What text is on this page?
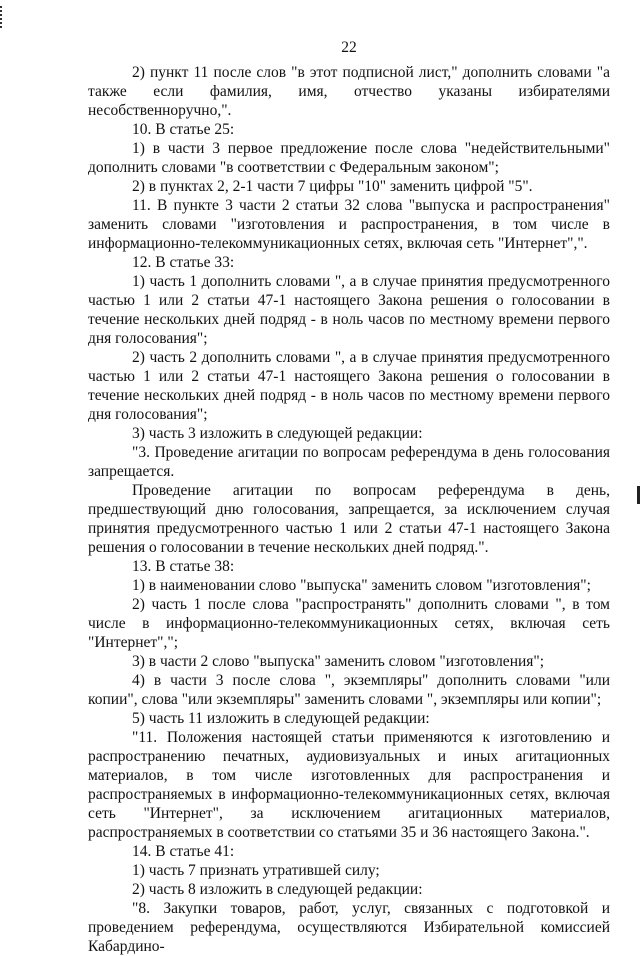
22

2) пункт 11 после слов "в этот подписной лист," дополнить словами "а также если фамилия, имя, отчество указаны избирателями несобственноручно,".

10. В статье 25:

1) в части 3 первое предложение после слова "недействительными" дополнить словами "в соответствии с Федеральным законом";

2) в пунктах 2, 2-1 части 7 цифры "10" заменить цифрой "5".

11. В пункте 3 части 2 статьи 32 слова "выпуска и распространения" заменить словами "изготовления и распространения, в том числе в информационно-телекоммуникационных сетях, включая сеть "Интернет",".

12. В статье 33:

1) часть 1 дополнить словами ", а в случае принятия предусмотренного частью 1 или 2 статьи 47-1 настоящего Закона решения о голосовании в течение нескольких дней подряд - в ноль часов по местному времени первого дня голосования";

2) часть 2 дополнить словами ", а в случае принятия предусмотренного частью 1 или 2 статьи 47-1 настоящего Закона решения о голосовании в течение нескольких дней подряд - в ноль часов по местному времени первого дня голосования";

3) часть 3 изложить в следующей редакции:

"3. Проведение агитации по вопросам референдума в день голосования запрещается.

Проведение агитации по вопросам референдума в день, предшествующий дню голосования, запрещается, за исключением случая принятия предусмотренного частью 1 или 2 статьи 47-1 настоящего Закона решения о голосовании в течение нескольких дней подряд.".

13. В статье 38:

1) в наименовании слово "выпуска" заменить словом "изготовления";

2) часть 1 после слова "распространять" дополнить словами ", в том числе в информационно-телекоммуникационных сетях, включая сеть "Интернет",";

3) в части 2 слово "выпуска" заменить словом "изготовления";

4) в части 3 после слова ", экземпляры" дополнить словами "или копии", слова "или экземпляры" заменить словами ", экземпляры или копии";

5) часть 11 изложить в следующей редакции:

"11. Положения настоящей статьи применяются к изготовлению и распространению печатных, аудиовизуальных и иных агитационных материалов, в том числе изготовленных для распространения и распространяемых в информационно-телекоммуникационных сетях, включая сеть "Интернет", за исключением агитационных материалов, распространяемых в соответствии со статьями 35 и 36 настоящего Закона.".

14. В статье 41:

1) часть 7 признать утратившей силу;

2) часть 8 изложить в следующей редакции:

"8. Закупки товаров, работ, услуг, связанных с подготовкой и проведением референдума, осуществляются Избирательной комиссией Кабардино-
